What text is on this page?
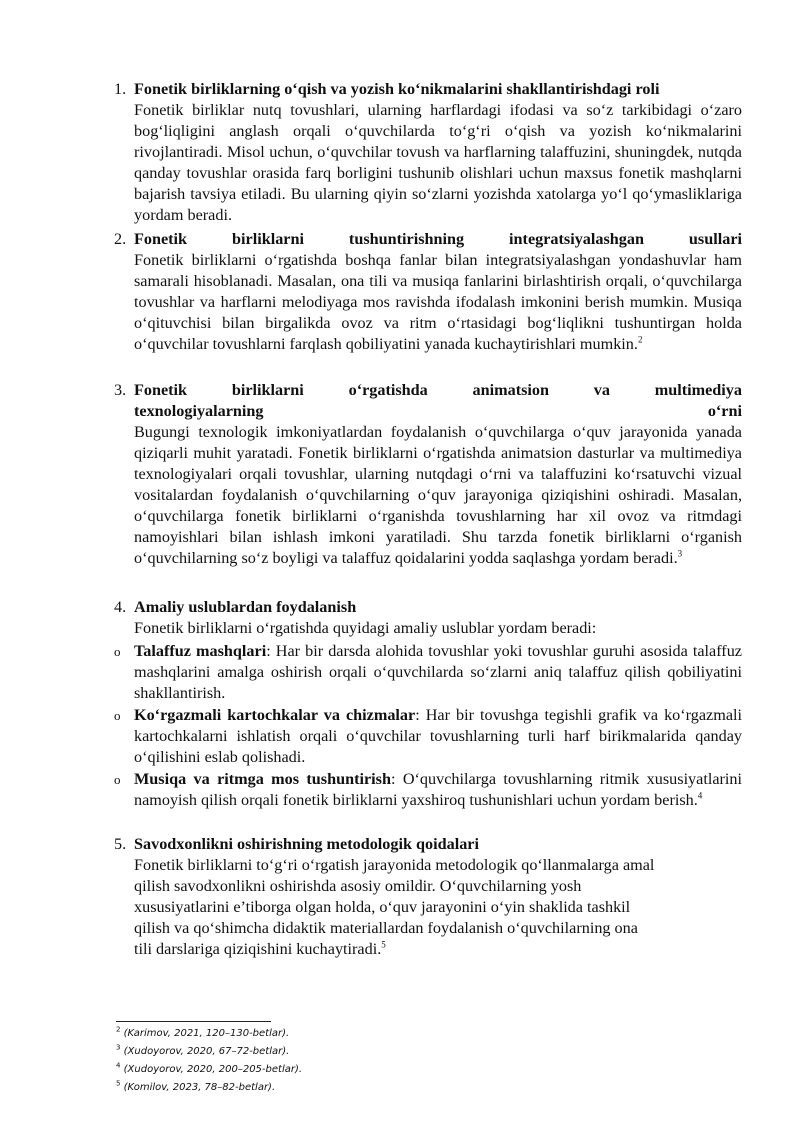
1. Fonetik birliklarning o‘qish va yozish ko‘nikmalarini shakllantirishdagi roli
Fonetik birliklar nutq tovushlari, ularning harflardagi ifodasi va so‘z tarkibidagi o‘zaro bog‘liqligini anglash orqali o‘quvchilarda to‘g‘ri o‘qish va yozish ko‘nikmalarini rivojlantiradi. Misol uchun, o‘quvchilar tovush va harflarning talaffuzini, shuningdek, nutqda qanday tovushlar orasida farq borligini tushunib olishlari uchun maxsus fonetik mashqlarni bajarish tavsiya etiladi. Bu ularning qiyin so‘zlarni yozishda xatolarga yo‘l qo‘ymasliklariga yordam beradi.
2. Fonetik birliklarni tushuntirishning integratsiyalashgan usullari
Fonetik birliklarni o‘rgatishda boshqa fanlar bilan integratsiyalashgan yondashuvlar ham samarali hisoblanadi. Masalan, ona tili va musiqa fanlarini birlashtirish orqali, o‘quvchilarga tovushlar va harflarni melodiyaga mos ravishda ifodalash imkonini berish mumkin. Musiqa o‘qituvchisi bilan birgalikda ovoz va ritm o‘rtasidagi bog‘liqlikni tushuntirgan holda o‘quvchilar tovushlarni farqlash qobiliyatini yanada kuchaytirishlari mumkin.$^2$
3. Fonetik birliklarni o‘rgatishda animatsion va multimediya
texnologiyalarning	o‘rni
Bugungi texnologik imkoniyatlardan foydalanish o‘quvchilarga o‘quv jarayonida yanada qiziqarli muhit yaratadi. Fonetik birliklarni o‘rgatishda animatsion dasturlar va multimediya texnologiyalari orqali tovushlar, ularning nutqdagi o‘rni va talaffuzini ko‘rsatuvchi vizual vositalardan foydalanish o‘quvchilarning o‘quv jarayoniga qiziqishini oshiradi. Masalan, o‘quvchilarga fonetik birliklarni o‘rganishda tovushlarning har xil ovoz va ritmdagi namoyishlari bilan ishlash imkoni yaratiladi. Shu tarzda fonetik birliklarni o‘rganish o‘quvchilarning so‘z boyligi va talaffuz qoidalarini yodda saqlashga yordam beradi.$^3$
4. Amaliy uslublardan foydalanish
Fonetik birliklarni o‘rgatishda quyidagi amaliy uslublar yordam beradi:
o Talaffuz mashqlari: Har bir darsda alohida tovushlar yoki tovushlar guruhi asosida talaffuz mashqlarini amalga oshirish orqali o‘quvchilarda so‘zlarni aniq talaffuz qilish qobiliyatini shakllantirish.
o Ko‘rgazmali kartochkalar va chizmalar: Har bir tovushga tegishli grafik va ko‘rgazmali kartochkalarni ishlatish orqali o‘quvchilar tovushlarning turli harf birikmalarida qanday o‘qilishini eslab qolishadi.
o Musiqa va ritmga mos tushuntirish: O‘quvchilarga tovushlarning ritmik xususiyatlarini namoyish qilish orqali fonetik birliklarni yaxshiroq tushunishlari uchun yordam berish.$^4$
5. Savodxonlikni oshirishning metodologik qoidalari
Fonetik birliklarni to‘g‘ri o‘rgatish jarayonida metodologik qo‘llanmalarga amal
qilish savodxonlikni oshirishda asosiy omildir. O‘quvchilarning yosh
xususiyatlarini e’tiborga olgan holda, o‘quv jarayonini o‘yin shaklida tashkil
qilish va qo‘shimcha didaktik materiallardan foydalanish o‘quvchilarning ona
tili darslariga qiziqishini kuchaytiradi.$^5$
$^2$ (Karimov, 2021, 120–130-betlar).
$^3$ (Xudoyorov, 2020, 67–72-betlar).
$^4$ (Xudoyorov, 2020, 200–205-betlar).
$^5$ (Komilov, 2023, 78–82-betlar).
